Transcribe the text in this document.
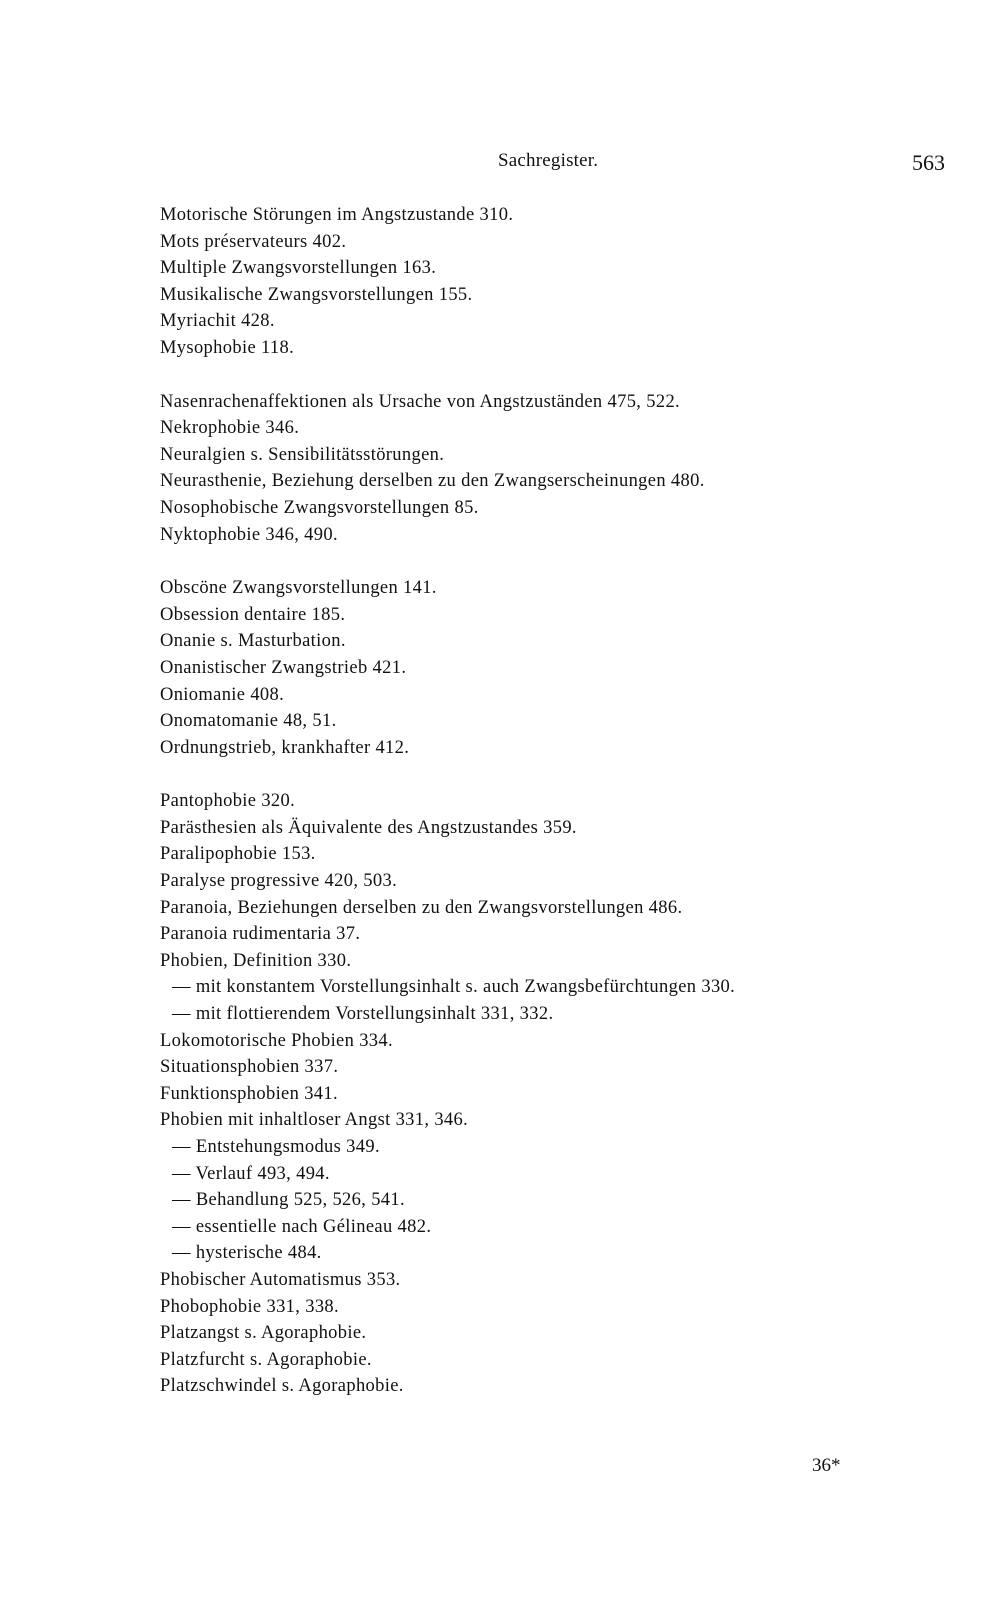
Sachregister.	563
Motorische Störungen im Angstzustande 310.
Mots préservateurs 402.
Multiple Zwangsvorstellungen 163.
Musikalische Zwangsvorstellungen 155.
Myriachit 428.
Mysophobie 118.
Nasenrachenaffektionen als Ursache von Angstzuständen 475, 522.
Nekrophobie 346.
Neuralgien s. Sensibilitätsstörungen.
Neurasthenie, Beziehung derselben zu den Zwangserscheinungen 480.
Nosophobische Zwangsvorstellungen 85.
Nyktophobie 346, 490.
Obscöne Zwangsvorstellungen 141.
Obsession dentaire 185.
Onanie s. Masturbation.
Onanistischer Zwangstrieb 421.
Oniomanie 408.
Onomatomanie 48, 51.
Ordnungstrieb, krankhafter 412.
Pantophobie 320.
Parästhesien als Äquivalente des Angstzustandes 359.
Paralipophobie 153.
Paralyse progressive 420, 503.
Paranoia, Beziehungen derselben zu den Zwangsvorstellungen 486.
Paranoia rudimentaria 37.
Phobien, Definition 330.
— mit konstantem Vorstellungsinhalt s. auch Zwangsbefürchtungen 330.
— mit flottierendem Vorstellungsinhalt 331, 332.
Lokomotorische Phobien 334.
Situationsphobien 337.
Funktionsphobien 341.
Phobien mit inhaltloser Angst 331, 346.
— Entstehungsmodus 349.
— Verlauf 493, 494.
— Behandlung 525, 526, 541.
— essentielle nach Gélineau 482.
— hysterische 484.
Phobischer Automatismus 353.
Phobophobie 331, 338.
Platzangst s. Agoraphobie.
Platzfurcht s. Agoraphobie.
Platzschwindel s. Agoraphobie.
36*
